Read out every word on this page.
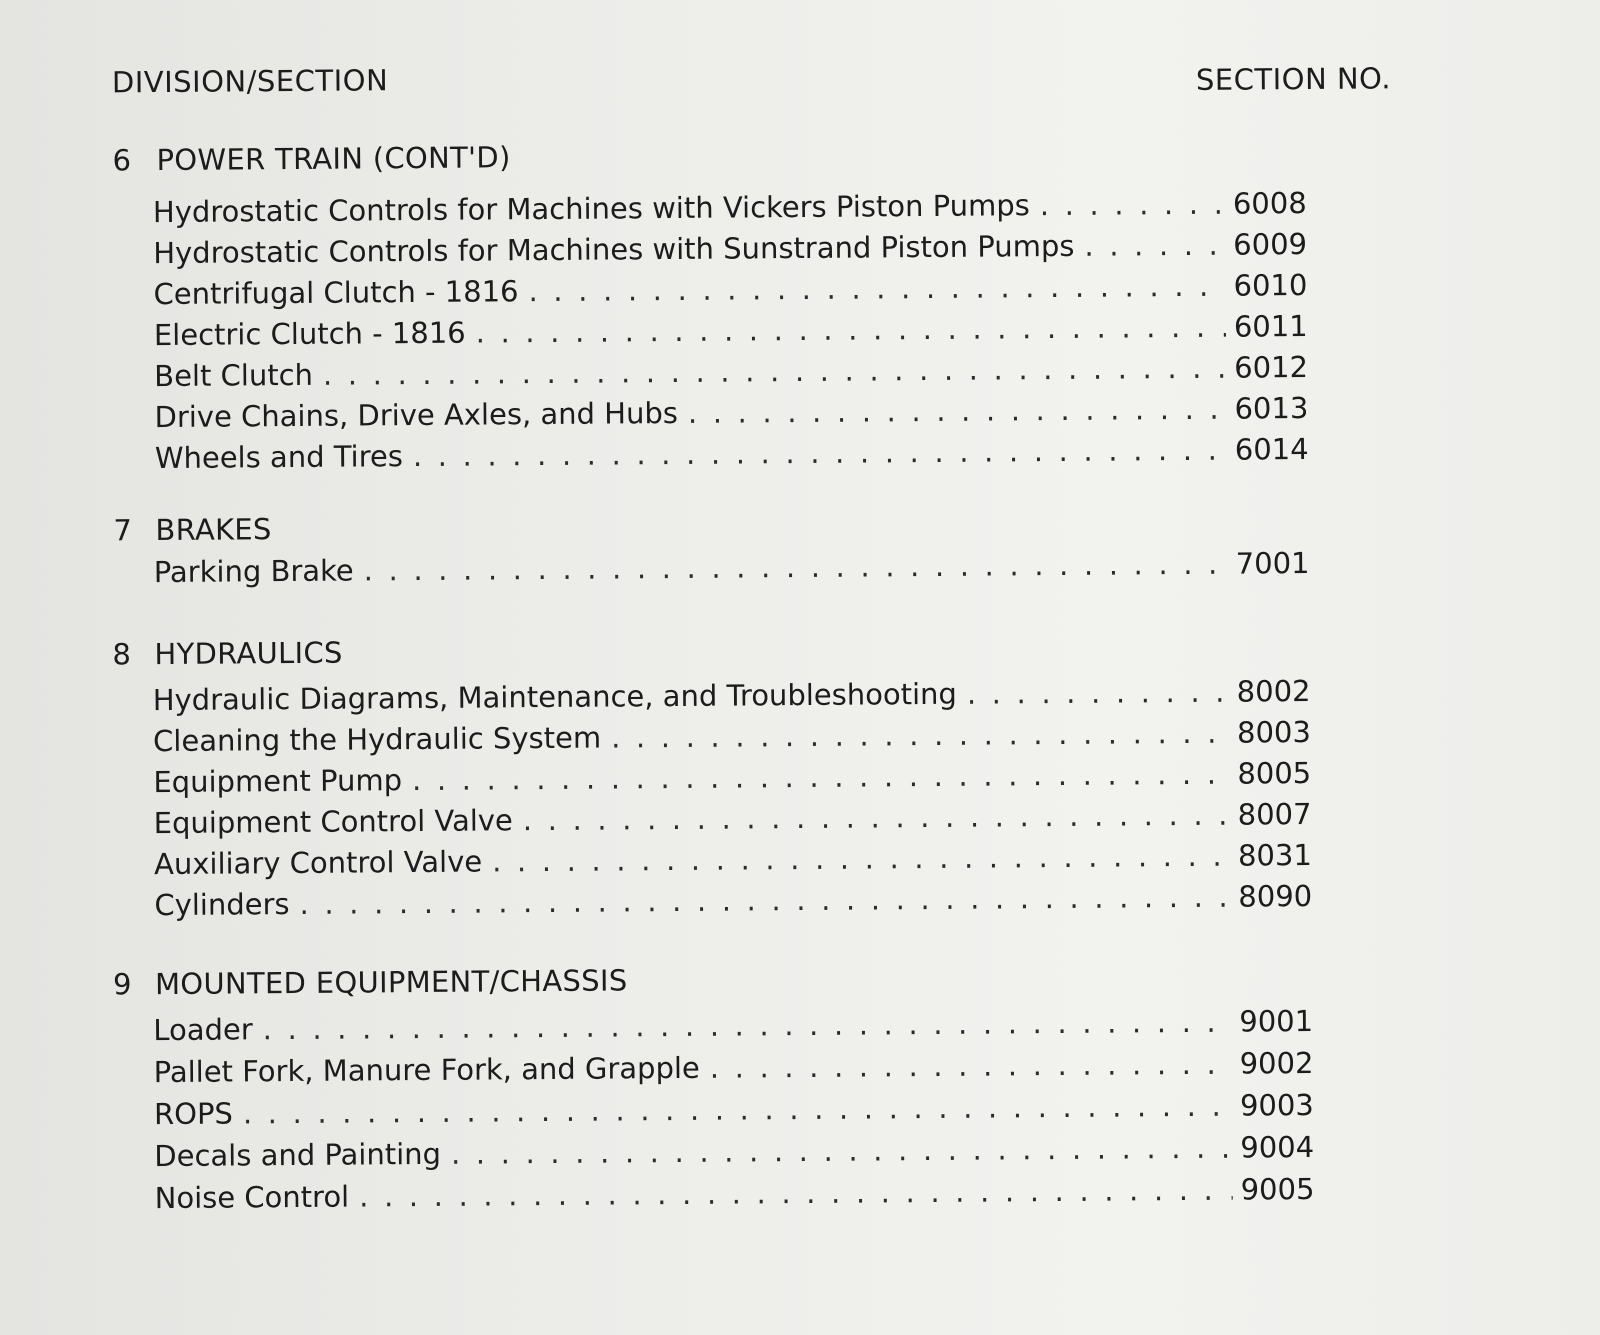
DIVISION/SECTION	SECTION NO.
6 POWER TRAIN (CONT'D)
Hydrostatic Controls for Machines with Vickers Piston Pumps . . .	6008
Hydrostatic Controls for Machines with Sunstrand Piston Pumps . . .	6009
Centrifugal Clutch - 1816 . . .	6010
Electric Clutch - 1816 . . .	6011
Belt Clutch . . .	6012
Drive Chains, Drive Axles, and Hubs . . .	6013
Wheels and Tires . . .	6014
7 BRAKES
Parking Brake . . .	7001
8 HYDRAULICS
Hydraulic Diagrams, Maintenance, and Troubleshooting . . .	8002
Cleaning the Hydraulic System . . .	8003
Equipment Pump . . .	8005
Equipment Control Valve . . .	8007
Auxiliary Control Valve . . .	8031
Cylinders . . .	8090
9 MOUNTED EQUIPMENT/CHASSIS
Loader . . .	9001
Pallet Fork, Manure Fork, and Grapple . . .	9002
ROPS . . .	9003
Decals and Painting . . .	9004
Noise Control . . .	9005
